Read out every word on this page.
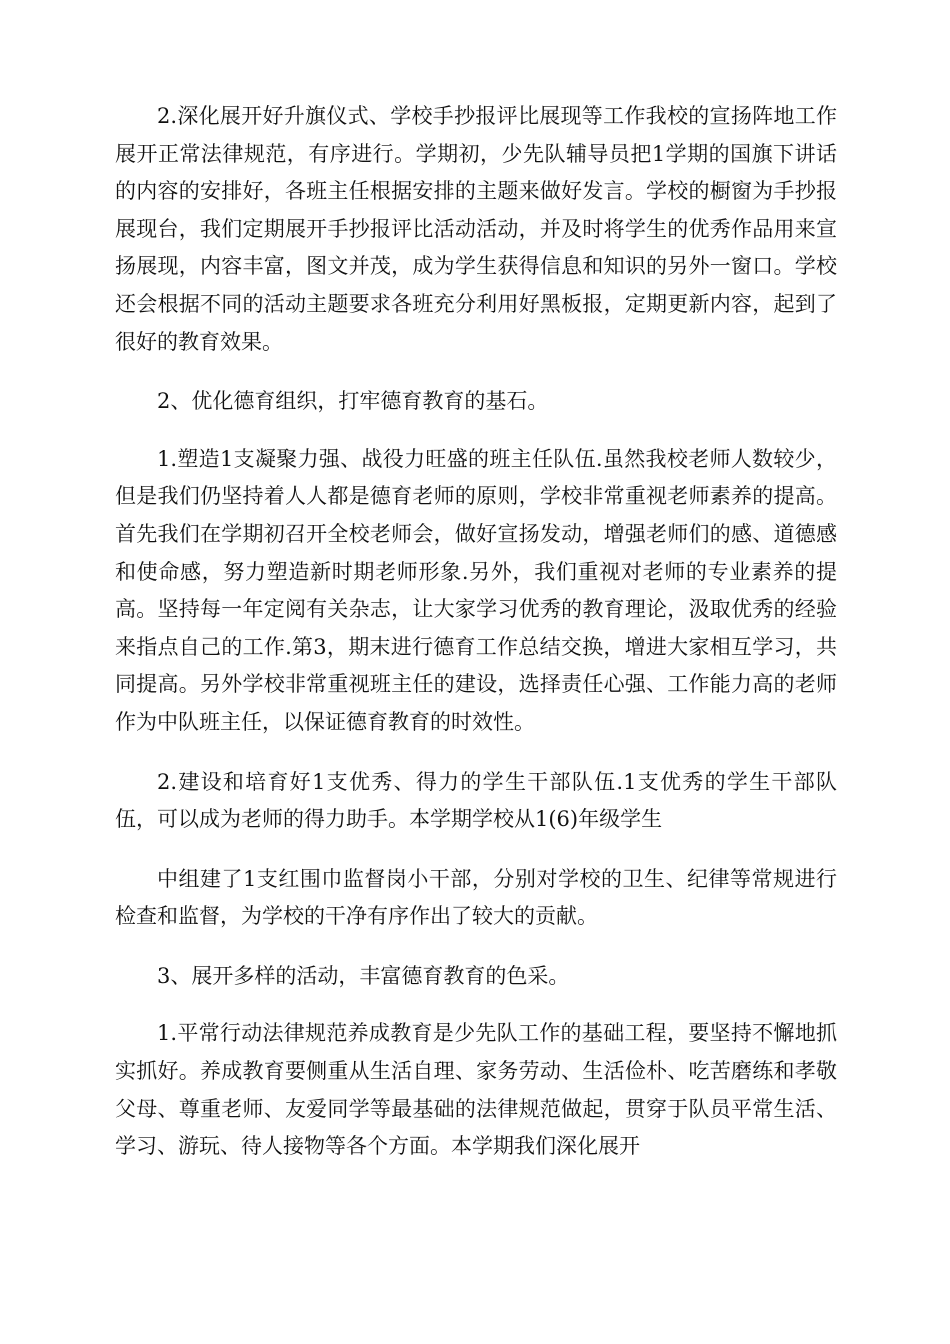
2.深化展开好升旗仪式、学校手抄报评比展现等工作我校的宣扬阵地工作展开正常法律规范，有序进行。学期初，少先队辅导员把1学期的国旗下讲话的内容的安排好，各班主任根据安排的主题来做好发言。学校的橱窗为手抄报展现台，我们定期展开手抄报评比活动活动，并及时将学生的优秀作品用来宣扬展现，内容丰富，图文并茂，成为学生获得信息和知识的另外一窗口。学校还会根据不同的活动主题要求各班充分利用好黑板报，定期更新内容，起到了很好的教育效果。

2、优化德育组织，打牢德育教育的基石。

1.塑造1支凝聚力强、战役力旺盛的班主任队伍.虽然我校老师人数较少，但是我们仍坚持着人人都是德育老师的原则，学校非常重视老师素养的提高。首先我们在学期初召开全校老师会，做好宣扬发动，增强老师们的感、道德感和使命感，努力塑造新时期老师形象.另外，我们重视对老师的专业素养的提高。坚持每一年定阅有关杂志，让大家学习优秀的教育理论，汲取优秀的经验来指点自己的工作.第3，期末进行德育工作总结交换，增进大家相互学习，共同提高。另外学校非常重视班主任的建设，选择责任心强、工作能力高的老师作为中队班主任，以保证德育教育的时效性。

2.建设和培育好1支优秀、得力的学生干部队伍.1支优秀的学生干部队伍，可以成为老师的得力助手。本学期学校从1(6)年级学生

中组建了1支红围巾监督岗小干部，分别对学校的卫生、纪律等常规进行检查和监督，为学校的干净有序作出了较大的贡献。

3、展开多样的活动，丰富德育教育的色采。

1.平常行动法律规范养成教育是少先队工作的基础工程，要坚持不懈地抓实抓好。养成教育要侧重从生活自理、家务劳动、生活俭朴、吃苦磨练和孝敬父母、尊重老师、友爱同学等最基础的法律规范做起，贯穿于队员平常生活、学习、游玩、待人接物等各个方面。本学期我们深化展开
